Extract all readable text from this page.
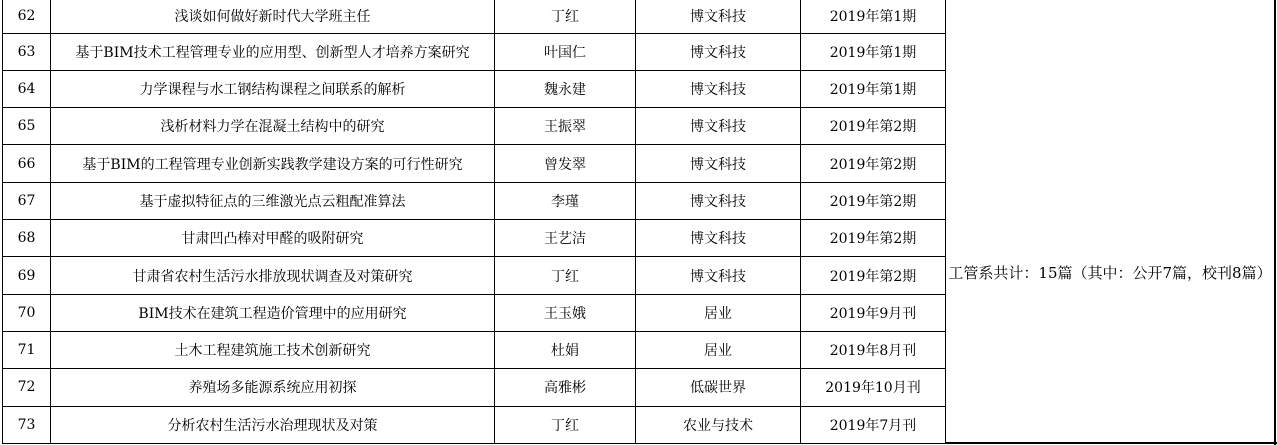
62	浅谈如何做好新时代大学班主任	丁红	博文科技	2019年第1期
63	基于BIM技术工程管理专业的应用型、创新型人才培养方案研究	叶国仁	博文科技	2019年第1期
64	力学课程与水工钢结构课程之间联系的解析	魏永建	博文科技	2019年第1期
65	浅析材料力学在混凝土结构中的研究	王振翠	博文科技	2019年第2期
66	基于BIM的工程管理专业创新实践教学建设方案的可行性研究	曾发翠	博文科技	2019年第2期
67	基于虚拟特征点的三维激光点云粗配准算法	李瑾	博文科技	2019年第2期
68	甘肃凹凸棒对甲醛的吸附研究	王艺洁	博文科技	2019年第2期
69	甘肃省农村生活污水排放现状调查及对策研究	丁红	博文科技	2019年第2期
70	BIM技术在建筑工程造价管理中的应用研究	王玉娥	居业	2019年9月刊
71	土木工程建筑施工技术创新研究	杜娟	居业	2019年8月刊
72	养殖场多能源系统应用初探	高雅彬	低碳世界	2019年10月刊
73	分析农村生活污水治理现状及对策	丁红	农业与技术	2019年7月刊
工管系共计：15篇（其中：公开7篇，校刊8篇）
